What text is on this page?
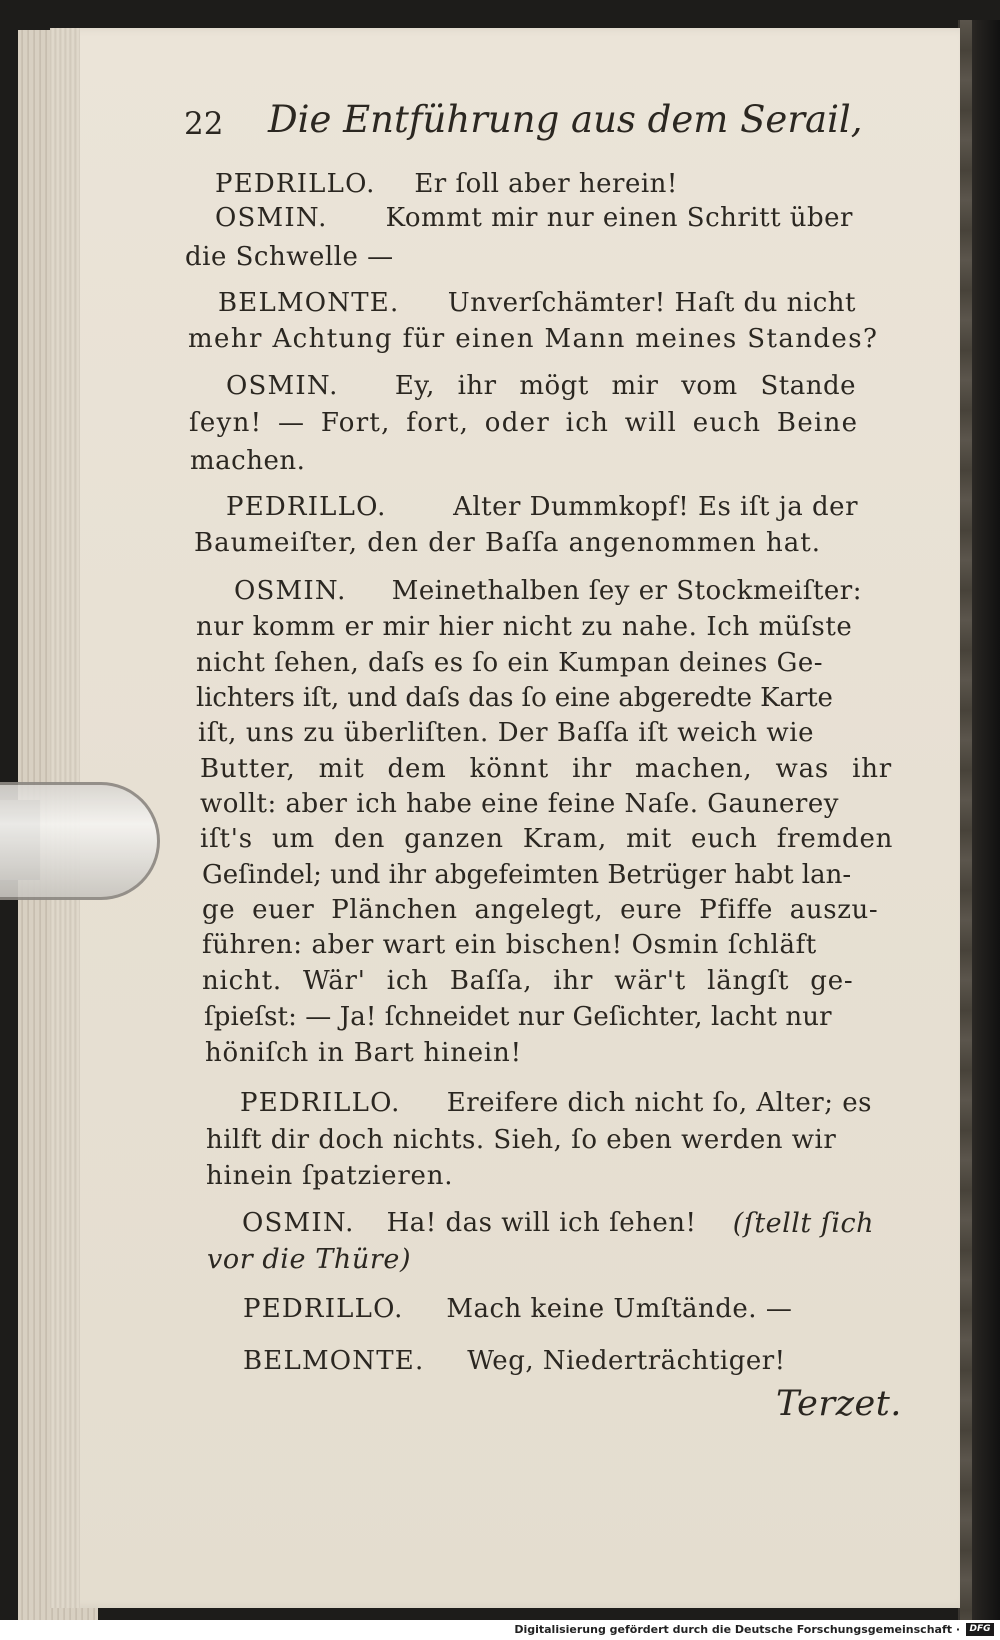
22 Die Entführung aus dem Serail,
PEDRILLO. Er ſoll aber herein!
OSMIN. Kommt mir nur einen Schritt über
die Schwelle —
BELMONTE. Unverſchämter! Haſt du nicht
mehr Achtung für einen Mann meines Standes?
OSMIN. Ey, ihr mögt mir vom Stande
ſeyn! — Fort, fort, oder ich will euch Beine
machen.
PEDRILLO.	Alter Dummkopf! Es iſt ja der
Baumeiſter, den der Baſſa angenommen hat.
OSMIN. Meinethalben ſey er Stockmeiſter:
nur komm er mir hier nicht zu nahe. Ich müſste
nicht ſehen, daſs es ſo ein Kumpan deines Ge-
lichters iſt, und daſs das ſo eine abgeredte Karte
iſt, uns zu überliſten. Der Baſſa iſt weich wie
Butter, mit dem könnt ihr machen, was ihr
wollt: aber ich habe eine feine Naſe. Gaunerey
iſt's um den ganzen Kram, mit euch fremden
Geſindel; und ihr abgefeimten Betrüger habt lan-
ge euer Plänchen angelegt, eure Pfiffe auszu-
führen: aber wart ein bischen! Osmin ſchläft
nicht. Wär' ich Baſſa, ihr wär't längſt ge-
ſpieſst: — Ja! ſchneidet nur Geſichter, lacht nur
höniſch in Bart hinein!
PEDRILLO. Ereifere dich nicht ſo, Alter; es
hilft dir doch nichts. Sieh, ſo eben werden wir
hinein ſpatzieren.
OSMIN. Ha! das will ich ſehen! (ſtellt ſich
vor die Thüre)
PEDRILLO. Mach keine Umſtände. —
BELMONTE. Weg, Niederträchtiger!
Terzet.
Digitalisierung gefördert durch die Deutsche Forschungsgemeinschaft ·	DFG
